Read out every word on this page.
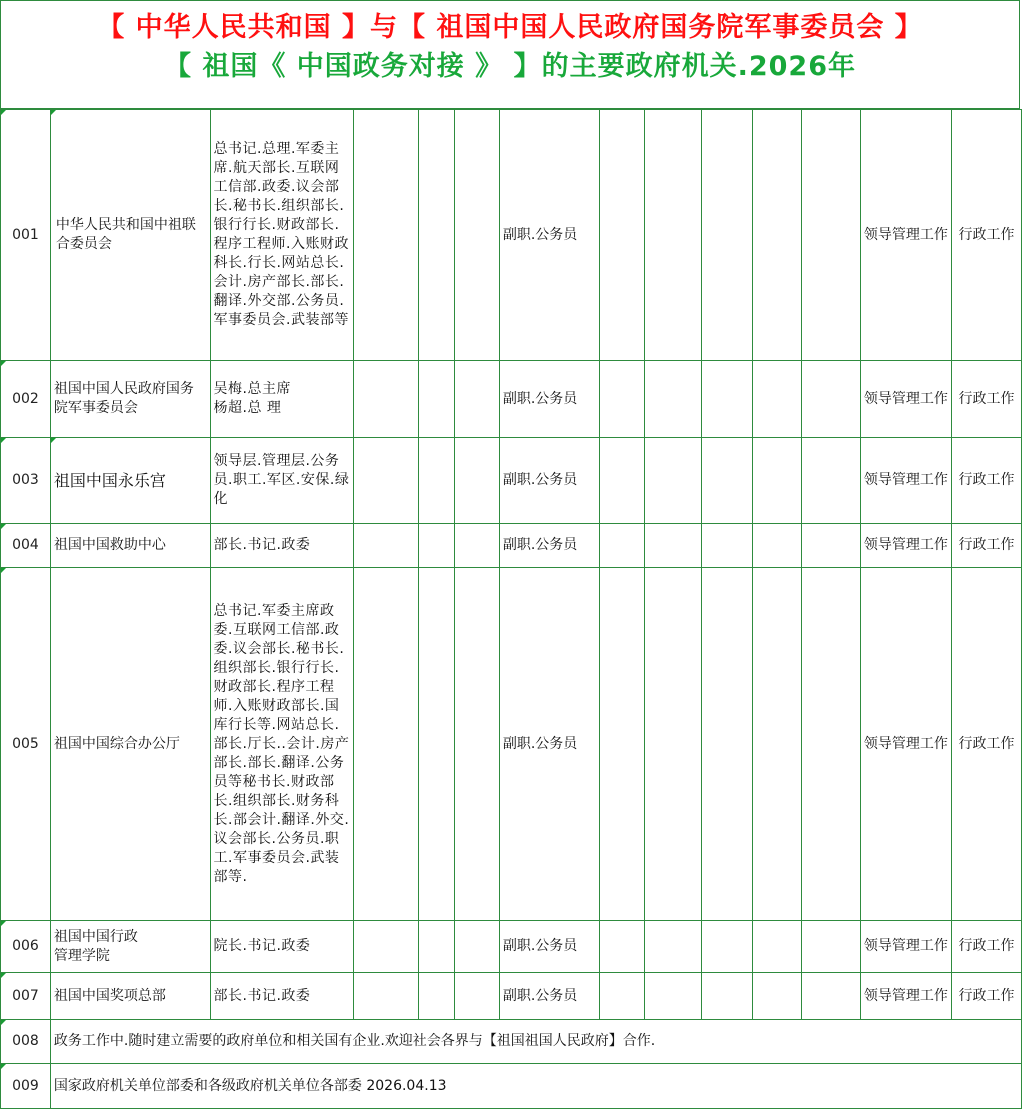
【 中华人民共和国 】与【 祖国中国人民政府国务院军事委员会 】
【 祖国《 中国政务对接 》 】的主要政府机关.2026年
001	中华人民共和国中祖联合委员会	总书记.总理.军委主席.航天部长.互联网工信部.政委.议会部长.秘书长.组织部长.银行行长.财政部长.程序工程师.入账财政科长.行长.网站总长.会计.房产部长.部长.翻译.外交部.公务员.军事委员会.武装部等				副职.公务员						领导管理工作	行政工作

002	祖国中国人民政府国务院军事委员会	吴梅.总主席
杨超.总 理				副职.公务员						领导管理工作	行政工作

003	祖国中国永乐宫	领导层.管理层.公务员.职工.军区.安保.绿化				副职.公务员						领导管理工作	行政工作

004	祖国中国救助中心	部长.书记.政委				副职.公务员						领导管理工作	行政工作

005	祖国中国综合办公厅	总书记.军委主席政委.互联网工信部.政委.议会部长.秘书长.组织部长.银行行长.财政部长.程序工程师.入账财政部长.国库行长等.网站总长.部长.厅长..会计.房产部长.部长.翻译.公务员等秘书长.财政部长.组织部长.财务科长.部会计.翻译.外交.议会部长.公务员.职工.军事委员会.武装部等.				副职.公务员						领导管理工作	行政工作

006	祖国中国行政
管理学院	院长.书记.政委				副职.公务员						领导管理工作	行政工作

007	祖国中国奖项总部	部长.书记.政委				副职.公务员						领导管理工作	行政工作

008	政务工作中.随时建立需要的政府单位和相关国有企业.欢迎社会各界与【祖国祖国人民政府】合作.												

009	国家政府机关单位部委和各级政府机关单位各部委 2026.04.13												
